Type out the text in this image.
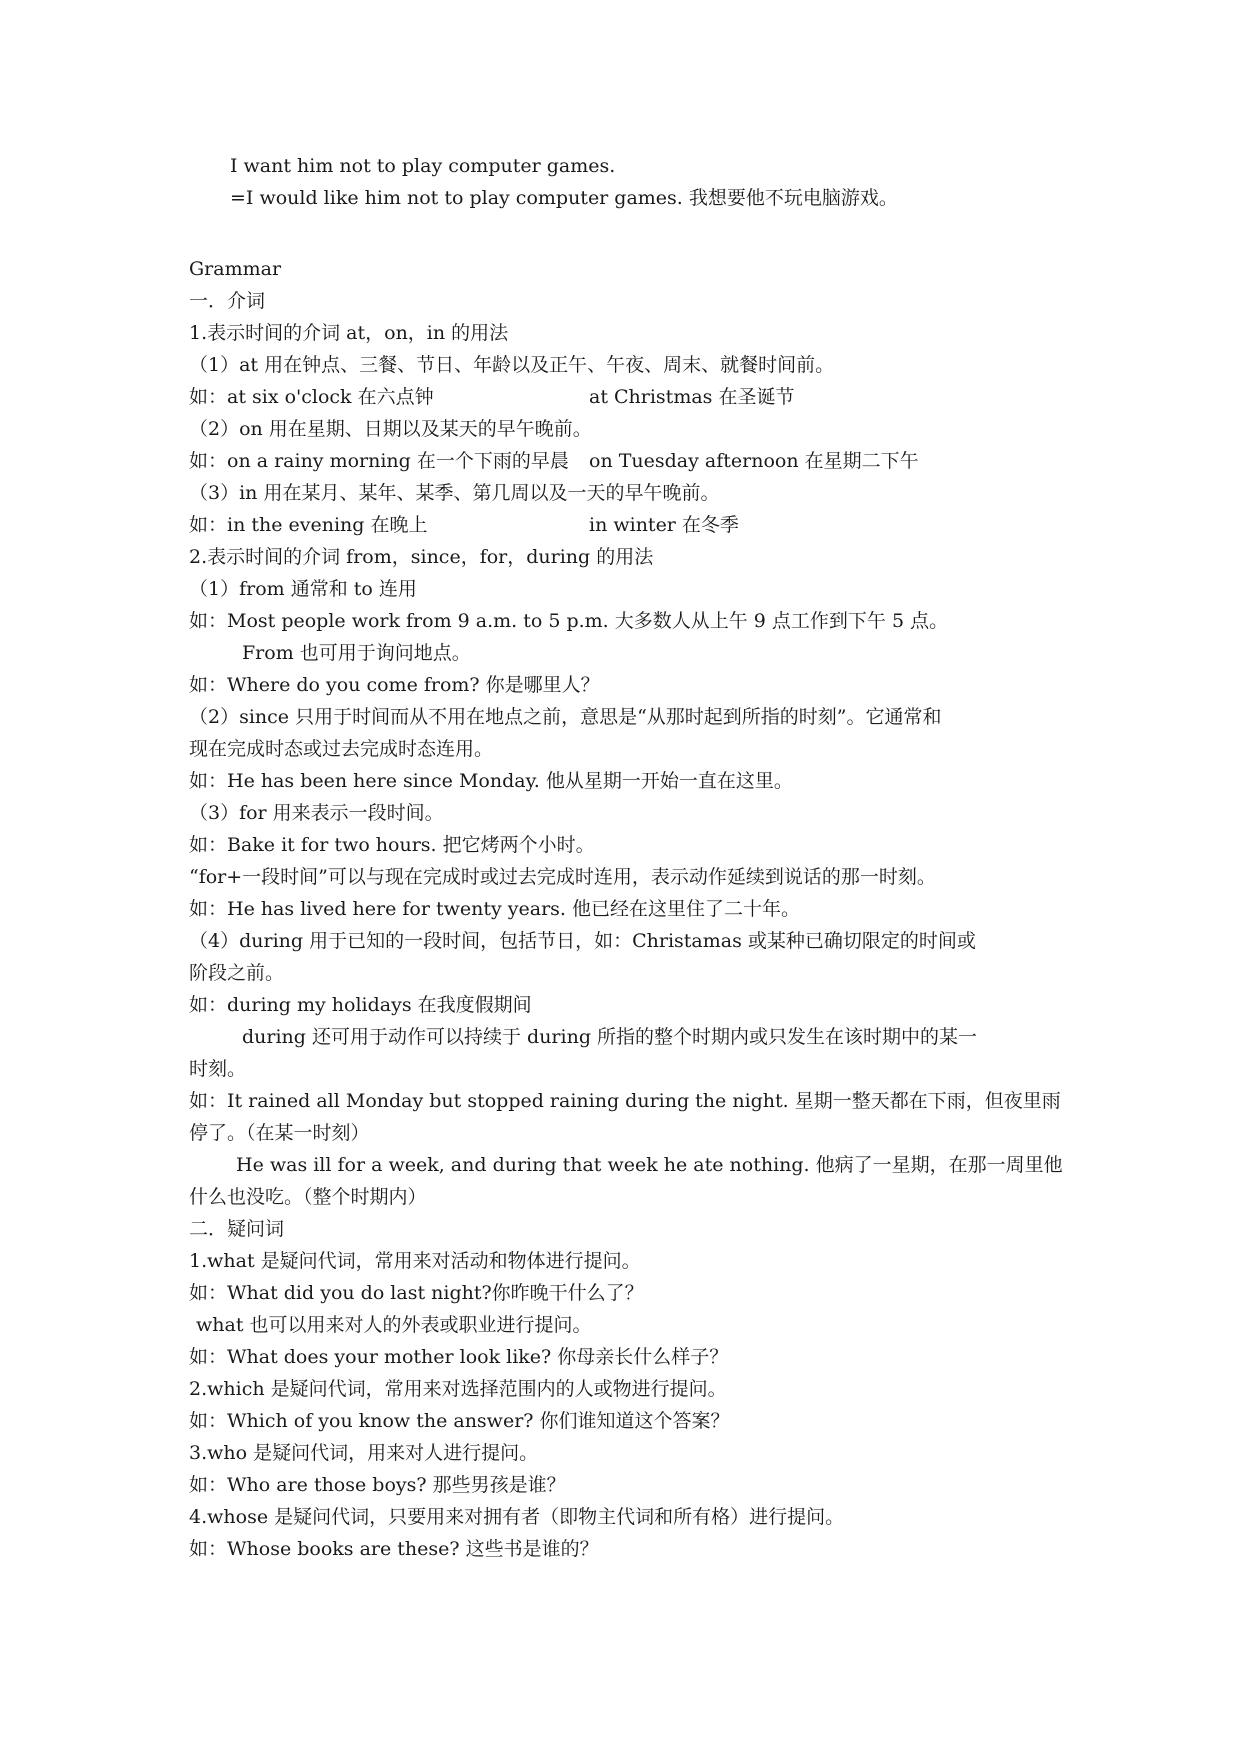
I want him not to play computer games.
=I would like him not to play computer games. 我想要他不玩电脑游戏。
Grammar
一．介词
1.表示时间的介词 at，on，in 的用法
（1）at 用在钟点、三餐、节日、年龄以及正午、午夜、周末、就餐时间前。
如：at six o'clock 在六点钟	at Christmas 在圣诞节
（2）on 用在星期、日期以及某天的早午晚前。
如：on a rainy morning 在一个下雨的早晨 on Tuesday afternoon 在星期二下午
（3）in 用在某月、某年、某季、第几周以及一天的早午晚前。
如：in the evening 在晚上	in winter 在冬季
2.表示时间的介词 from，since，for，during 的用法
（1）from 通常和 to 连用
如：Most people work from 9 a.m. to 5 p.m. 大多数人从上午 9 点工作到下午 5 点。
From 也可用于询问地点。
如：Where do you come from? 你是哪里人？
（2）since 只用于时间而从不用在地点之前，意思是“从那时起到所指的时刻”。它通常和
现在完成时态或过去完成时态连用。
如：He has been here since Monday. 他从星期一开始一直在这里。
（3）for 用来表示一段时间。
如：Bake it for two hours. 把它烤两个小时。
“for+一段时间”可以与现在完成时或过去完成时连用，表示动作延续到说话的那一时刻。
如：He has lived here for twenty years. 他已经在这里住了二十年。
（4）during 用于已知的一段时间，包括节日，如：Christamas 或某种已确切限定的时间或
阶段之前。
如：during my holidays 在我度假期间
during 还可用于动作可以持续于 during 所指的整个时期内或只发生在该时期中的某一
时刻。
如：It rained all Monday but stopped raining during the night. 星期一整天都在下雨，但夜里雨
停了。（在某一时刻）
He was ill for a week, and during that week he ate nothing. 他病了一星期，在那一周里他
什么也没吃。（整个时期内）
二．疑问词
1.what 是疑问代词，常用来对活动和物体进行提问。
如：What did you do last night?你昨晚干什么了？
what 也可以用来对人的外表或职业进行提问。
如：What does your mother look like? 你母亲长什么样子？
2.which 是疑问代词，常用来对选择范围内的人或物进行提问。
如：Which of you know the answer? 你们谁知道这个答案？
3.who 是疑问代词，用来对人进行提问。
如：Who are those boys? 那些男孩是谁？
4.whose 是疑问代词，只要用来对拥有者（即物主代词和所有格）进行提问。
如：Whose books are these? 这些书是谁的？
